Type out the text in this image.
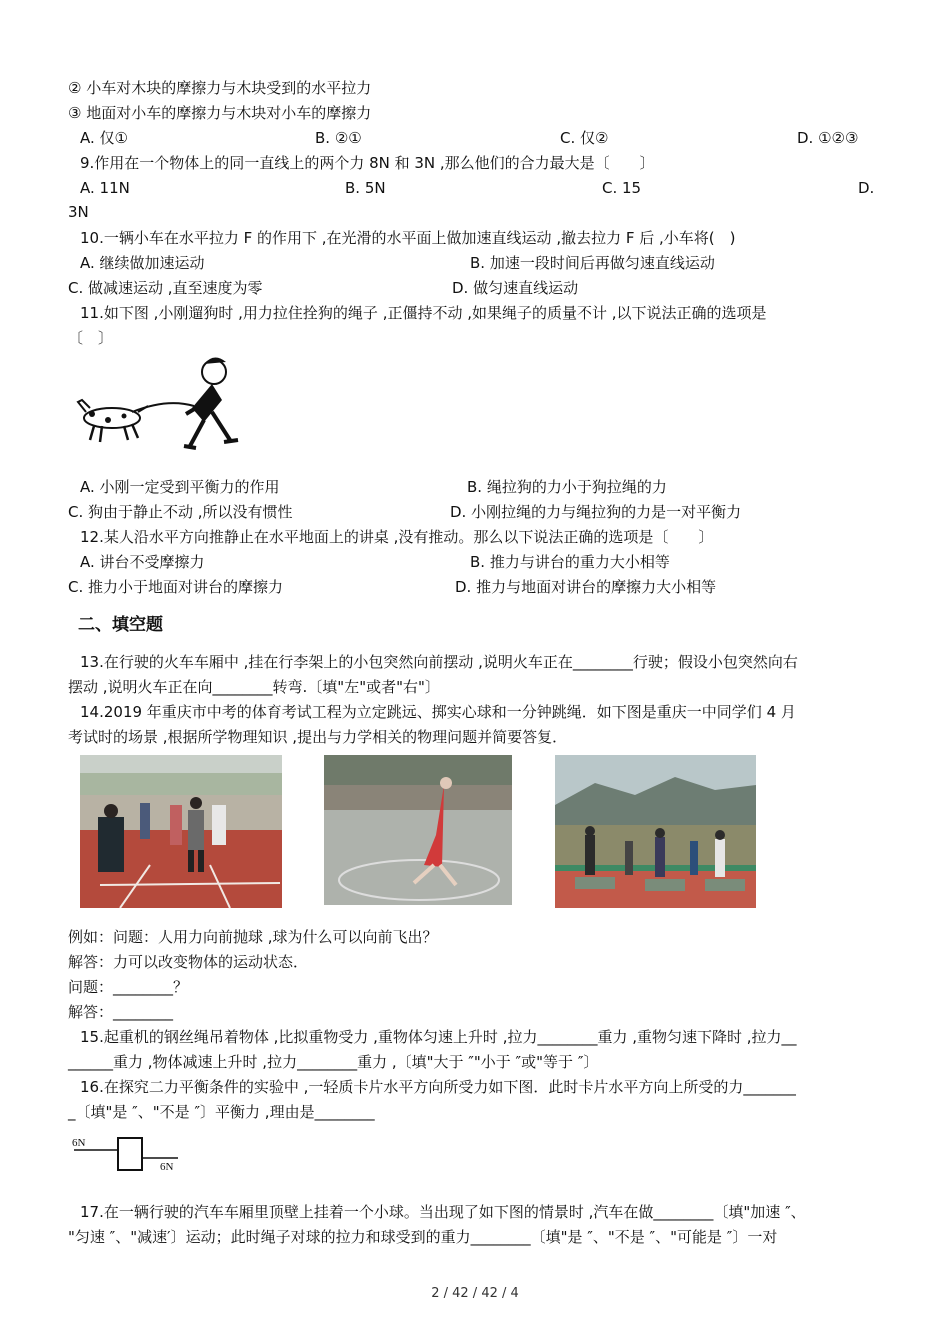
② 小车对木块的摩擦力与木块受到的水平拉力
③ 地面对小车的摩擦力与木块对小车的摩擦力
A. 仅①	B. ②①	C. 仅②	D. ①②③
9.作用在一个物体上的同一直线上的两个力 8N 和 3N ,那么他们的合力最大是〔　　〕
A. 11N	B. 5N	C. 15	D.
3N
10.一辆小车在水平拉力 F 的作用下 ,在光滑的水平面上做加速直线运动 ,撤去拉力 F 后 ,小车将(　)
A. 继续做加速运动	B. 加速一段时间后再做匀速直线运动
C. 做减速运动 ,直至速度为零	D. 做匀速直线运动
11.如下图 ,小刚遛狗时 ,用力拉住拴狗的绳子 ,正僵持不动 ,如果绳子的质量不计 ,以下说法正确的选项是
〔　〕
A. 小刚一定受到平衡力的作用	B. 绳拉狗的力小于狗拉绳的力
C. 狗由于静止不动 ,所以没有惯性	D. 小刚拉绳的力与绳拉狗的力是一对平衡力
12.某人沿水平方向推静止在水平地面上的讲桌 ,没有推动。那么以下说法正确的选项是〔　　〕
A. 讲台不受摩擦力	B. 推力与讲台的重力大小相等
C. 推力小于地面对讲台的摩擦力	D. 推力与地面对讲台的摩擦力大小相等
二、填空题
13.在行驶的火车车厢中 ,挂在行李架上的小包突然向前摆动 ,说明火车正在________行驶；假设小包突然向右
摆动 ,说明火车正在向________转弯.〔填"左"或者"右"〕
14.2019 年重庆市中考的体育考试工程为立定跳远、掷实心球和一分钟跳绳．如下图是重庆一中同学们 4 月
考试时的场景 ,根据所学物理知识 ,提出与力学相关的物理问题并简要答复．
例如：问题：人用力向前抛球 ,球为什么可以向前飞出？
解答：力可以改变物体的运动状态．
问题：________？
解答：________
15.起重机的钢丝绳吊着物体 ,比拟重物受力 ,重物体匀速上升时 ,拉力________重力 ,重物匀速下降时 ,拉力__
______重力 ,物体减速上升时 ,拉力________重力 ,〔填"大于 ″"小于 ″或"等于 ″〕
16.在探究二力平衡条件的实验中 ,一轻质卡片水平方向所受力如下图．此时卡片水平方向上所受的力_______
_〔填"是 ″、"不是 ″〕平衡力 ,理由是________
6N
6N
17.在一辆行驶的汽车车厢里顶壁上挂着一个小球。当出现了如下图的情景时 ,汽车在做________〔填"加速 ″、
"匀速 ″、"减速′〕运动；此时绳子对球的拉力和球受到的重力________〔填"是 ″、"不是 ″、"可能是 ″〕一对
2 / 42 / 42 / 4
